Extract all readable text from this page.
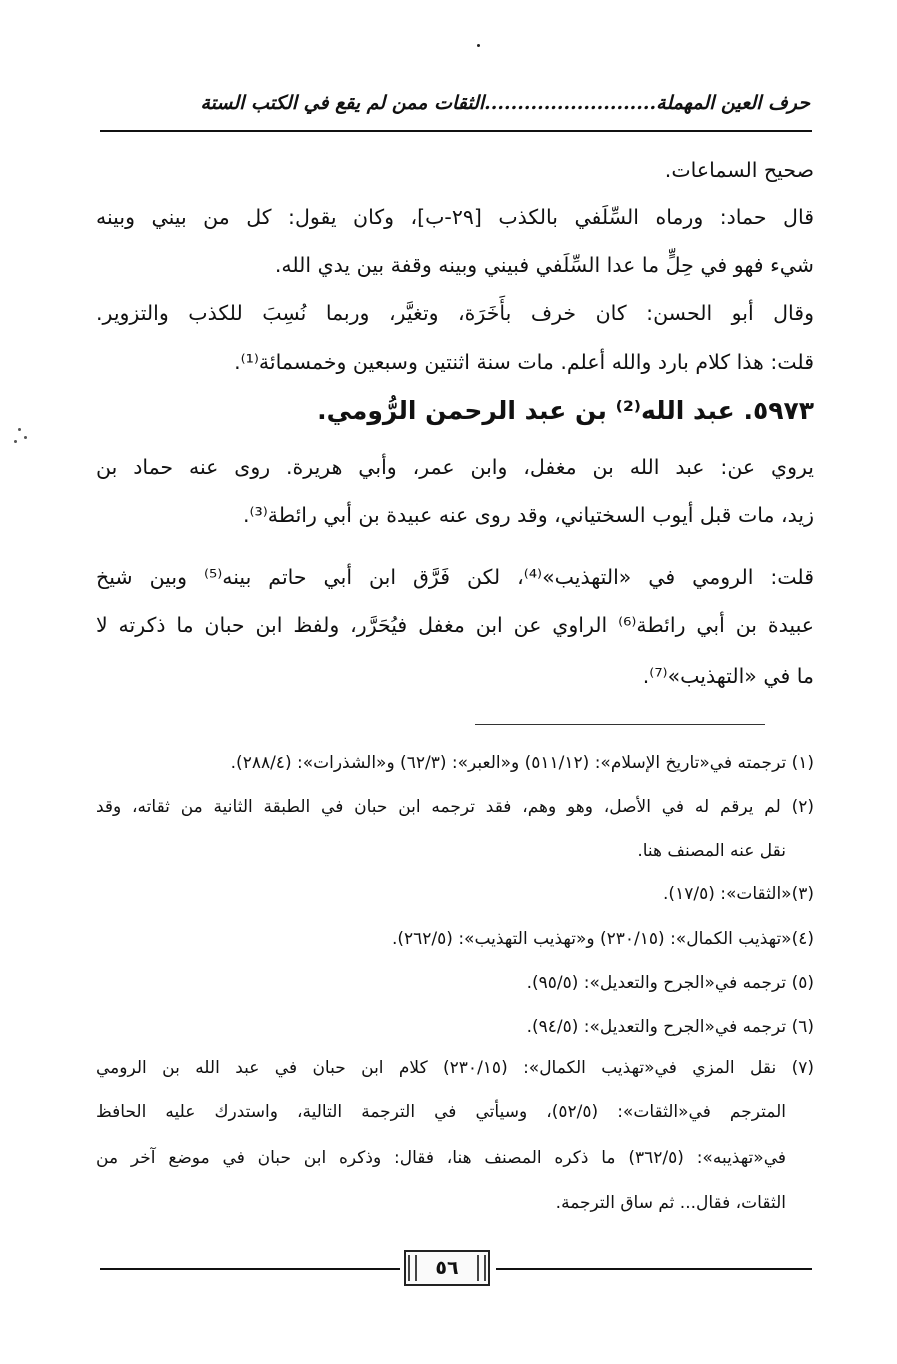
حرف العين المهملة..........................الثقات ممن لم يقع في الكتب الستة
صحيح السماعات.
قال حماد: ورماه السِّلَفي بالكذب [٢٩-ب]، وكان يقول: كل من بيني وبينه
شيء فهو في حِلٍّ ما عدا السِّلَفي فبيني وبينه وقفة بين يدي الله.
وقال أبو الحسن: كان خرف بأَخَرَة، وتغيَّر، وربما نُسِبَ للكذب والتزوير.
قلت: هذا كلام بارد والله أعلم. مات سنة اثنتين وسبعين وخمسمائة⁽¹⁾.
٥٩٧٣. عبد الله⁽²⁾ بن عبد الرحمن الرُّومي.
يروي عن: عبد الله بن مغفل، وابن عمر، وأبي هريرة. روى عنه حماد بن
زيد، مات قبل أيوب السختياني، وقد روى عنه عبيدة بن أبي رائطة⁽³⁾.
قلت: الرومي في «التهذيب»⁽⁴⁾، لكن فَرَّق ابن أبي حاتم بينه⁽⁵⁾ وبين شيخ
عبيدة بن أبي رائطة⁽⁶⁾ الراوي عن ابن مغفل فيُحَرَّر، ولفظ ابن حبان ما ذكرته لا
ما في «التهذيب»⁽⁷⁾.
(١) ترجمته في«تاريخ الإسلام»: (٥١١/١٢) و«العبر»: (٦٢/٣) و«الشذرات»: (٢٨٨/٤).
(٢) لم يرقم له في الأصل، وهو وهم، فقد ترجمه ابن حبان في الطبقة الثانية من ثقاته، وقد
نقل عنه المصنف هنا.
(٣)«الثقات»: (١٧/٥).
(٤)«تهذيب الكمال»: (٢٣٠/١٥) و«تهذيب التهذيب»: (٢٦٢/٥).
(٥) ترجمه في«الجرح والتعديل»: (٩٥/٥).
(٦) ترجمه في«الجرح والتعديل»: (٩٤/٥).
(٧) نقل المزي في«تهذيب الكمال»: (٢٣٠/١٥) كلام ابن حبان في عبد الله بن الرومي
المترجم في«الثقات»: (٥٢/٥)، وسيأتي في الترجمة التالية، واستدرك عليه الحافظ
في«تهذيبه»: (٣٦٢/٥) ما ذكره المصنف هنا، فقال: وذكره ابن حبان في موضع آخر من
الثقات، فقال... ثم ساق الترجمة.
٥٦
